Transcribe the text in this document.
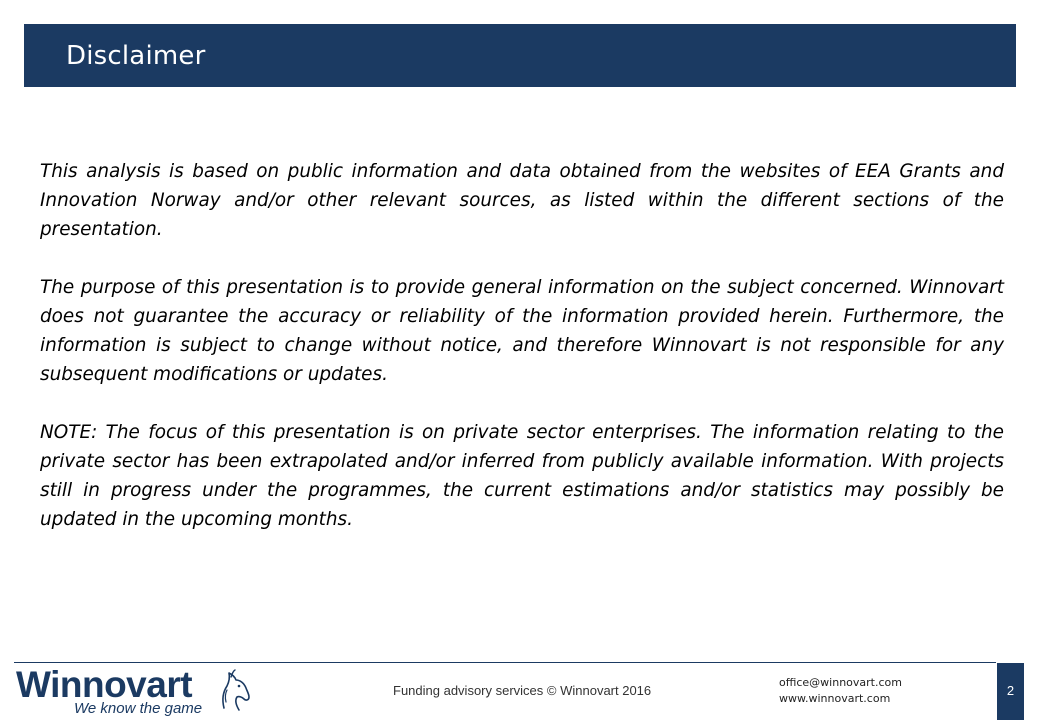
Disclaimer

This analysis is based on public information and data obtained from the websites of EEA Grants and Innovation Norway and/or other relevant sources, as listed within the different sections of the presentation.

The purpose of this presentation is to provide general information on the subject concerned. Winnovart does not guarantee the accuracy or reliability of the information provided herein. Furthermore, the information is subject to change without notice, and therefore Winnovart is not responsible for any subsequent modifications or updates.

NOTE: The focus of this presentation is on private sector enterprises. The information relating to the private sector has been extrapolated and/or inferred from publicly available information. With projects still in progress under the programmes, the current estimations and/or statistics may possibly be updated in the upcoming months.

Winnovart
We know the game
Funding advisory services © Winnovart 2016
office@winnovart.com
www.winnovart.com
2
